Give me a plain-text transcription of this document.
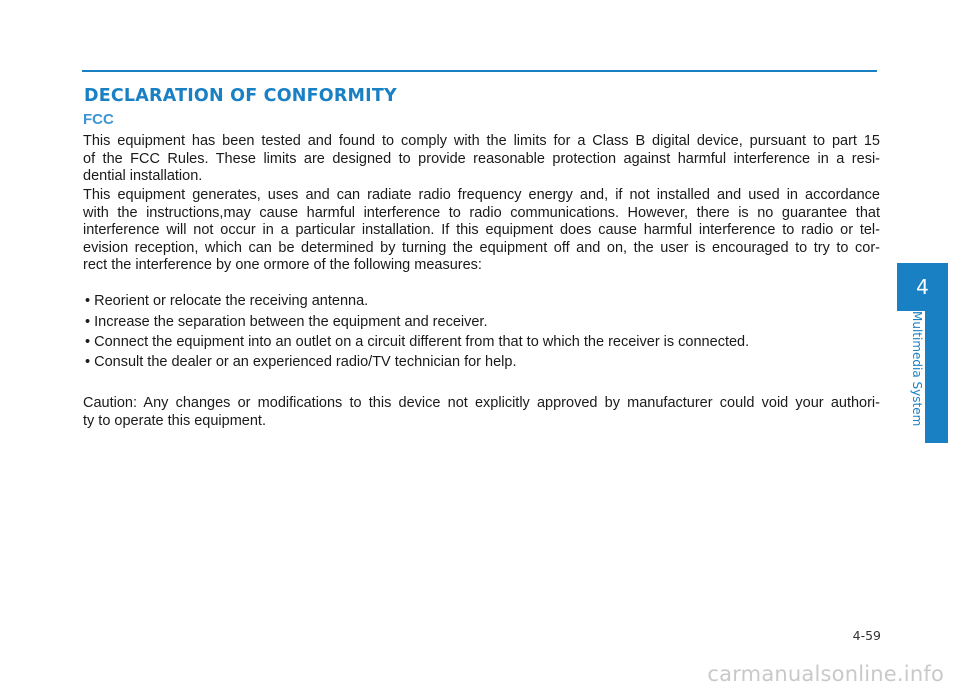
DECLARATION OF CONFORMITY
FCC

This equipment has been tested and found to comply with the limits for a Class B digital device, pursuant to part 15
of the FCC Rules. These limits are designed to provide reasonable protection against harmful interference in a resi-
dential installation.

This equipment generates, uses and can radiate radio frequency energy and, if not installed and used in accordance
with the instructions,may cause harmful interference to radio communications. However, there is no guarantee that
interference will not occur in a particular installation. If this equipment does cause harmful interference to radio or tel-
evision reception, which can be determined by turning the equipment off and on, the user is encouraged to try to cor-
rect the interference by one ormore of the following measures:

• Reorient or relocate the receiving antenna.
• Increase the separation between the equipment and receiver.
• Connect the equipment into an outlet on a circuit different from that to which the receiver is connected.
• Consult the dealer or an experienced radio/TV technician for help.

Caution: Any changes or modifications to this device not explicitly approved by manufacturer could void your authori-
ty to operate this equipment.

4
Multimedia System
4-59
carmanualsonline.info
